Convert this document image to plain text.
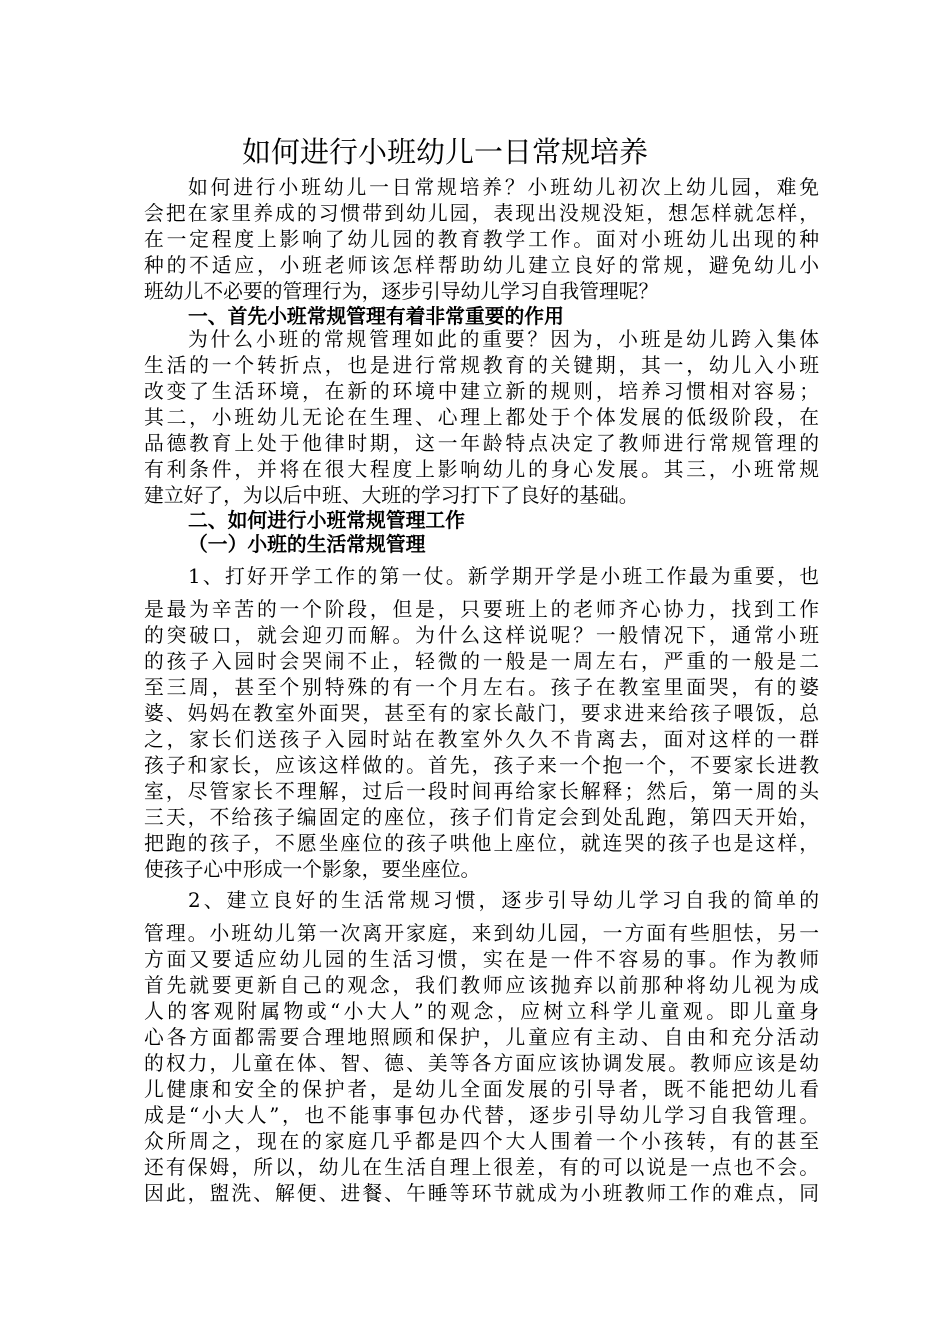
如何进行小班幼儿一日常规培养
如何进行小班幼儿一日常规培养？小班幼儿初次上幼儿园，难免
会把在家里养成的习惯带到幼儿园，表现出没规没矩，想怎样就怎样，
在一定程度上影响了幼儿园的教育教学工作。面对小班幼儿出现的种
种的不适应，小班老师该怎样帮助幼儿建立良好的常规，避免幼儿小
班幼儿不必要的管理行为，逐步引导幼儿学习自我管理呢？
一、首先小班常规管理有着非常重要的作用
为什么小班的常规管理如此的重要？因为，小班是幼儿跨入集体
生活的一个转折点，也是进行常规教育的关键期，其一，幼儿入小班
改变了生活环境，在新的环境中建立新的规则，培养习惯相对容易；
其二，小班幼儿无论在生理、心理上都处于个体发展的低级阶段，在
品德教育上处于他律时期，这一年龄特点决定了教师进行常规管理的
有利条件，并将在很大程度上影响幼儿的身心发展。其三，小班常规
建立好了，为以后中班、大班的学习打下了良好的基础。
二、如何进行小班常规管理工作
（一）小班的生活常规管理
1、打好开学工作的第一仗。新学期开学是小班工作最为重要，也
是最为辛苦的一个阶段，但是，只要班上的老师齐心协力，找到工作
的突破口，就会迎刃而解。为什么这样说呢？一般情况下，通常小班
的孩子入园时会哭闹不止，轻微的一般是一周左右，严重的一般是二
至三周，甚至个别特殊的有一个月左右。孩子在教室里面哭，有的婆
婆、妈妈在教室外面哭，甚至有的家长敲门，要求进来给孩子喂饭，总
之，家长们送孩子入园时站在教室外久久不肯离去，面对这样的一群
孩子和家长，应该这样做的。首先，孩子来一个抱一个，不要家长进教
室，尽管家长不理解，过后一段时间再给家长解释；然后，第一周的头
三天，不给孩子编固定的座位，孩子们肯定会到处乱跑，第四天开始，
把跑的孩子，不愿坐座位的孩子哄他上座位，就连哭的孩子也是这样，
使孩子心中形成一个影象，要坐座位。
2、建立良好的生活常规习惯，逐步引导幼儿学习自我的简单的
管理。小班幼儿第一次离开家庭，来到幼儿园，一方面有些胆怯，另一
方面又要适应幼儿园的生活习惯，实在是一件不容易的事。作为教师
首先就要更新自己的观念，我们教师应该抛弃以前那种将幼儿视为成
人的客观附属物或“小大人”的观念，应树立科学儿童观。即儿童身
心各方面都需要合理地照顾和保护，儿童应有主动、自由和充分活动
的权力，儿童在体、智、德、美等各方面应该协调发展。教师应该是幼
儿健康和安全的保护者，是幼儿全面发展的引导者，既不能把幼儿看
成是“小大人”，也不能事事包办代替，逐步引导幼儿学习自我管理。
众所周之，现在的家庭几乎都是四个大人围着一个小孩转，有的甚至
还有保姆，所以，幼儿在生活自理上很差，有的可以说是一点也不会。
因此，盥洗、解便、进餐、午睡等环节就成为小班教师工作的难点，同
